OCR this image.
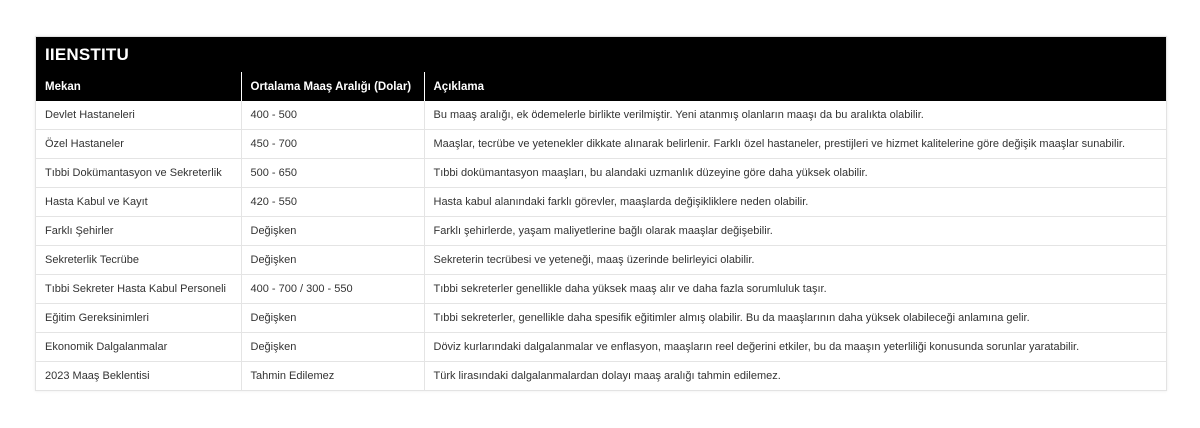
IIENSTITU
Mekan	Ortalama Maaş Aralığı (Dolar)	Açıklama
Devlet Hastaneleri	400 - 500	Bu maaş aralığı, ek ödemelerle birlikte verilmiştir. Yeni atanmış olanların maaşı da bu aralıkta olabilir.
Özel Hastaneler	450 - 700	Maaşlar, tecrübe ve yetenekler dikkate alınarak belirlenir. Farklı özel hastaneler, prestijleri ve hizmet kalitelerine göre değişik maaşlar sunabilir.
Tıbbi Dokümantasyon ve Sekreterlik	500 - 650	Tıbbi dokümantasyon maaşları, bu alandaki uzmanlık düzeyine göre daha yüksek olabilir.
Hasta Kabul ve Kayıt	420 - 550	Hasta kabul alanındaki farklı görevler, maaşlarda değişikliklere neden olabilir.
Farklı Şehirler	Değişken	Farklı şehirlerde, yaşam maliyetlerine bağlı olarak maaşlar değişebilir.
Sekreterlik Tecrübe	Değişken	Sekreterin tecrübesi ve yeteneği, maaş üzerinde belirleyici olabilir.
Tıbbi Sekreter Hasta Kabul Personeli	400 - 700 / 300 - 550	Tıbbi sekreterler genellikle daha yüksek maaş alır ve daha fazla sorumluluk taşır.
Eğitim Gereksinimleri	Değişken	Tıbbi sekreterler, genellikle daha spesifik eğitimler almış olabilir. Bu da maaşlarının daha yüksek olabileceği anlamına gelir.
Ekonomik Dalgalanmalar	Değişken	Döviz kurlarındaki dalgalanmalar ve enflasyon, maaşların reel değerini etkiler, bu da maaşın yeterliliği konusunda sorunlar yaratabilir.
2023 Maaş Beklentisi	Tahmin Edilemez	Türk lirasındaki dalgalanmalardan dolayı maaş aralığı tahmin edilemez.
